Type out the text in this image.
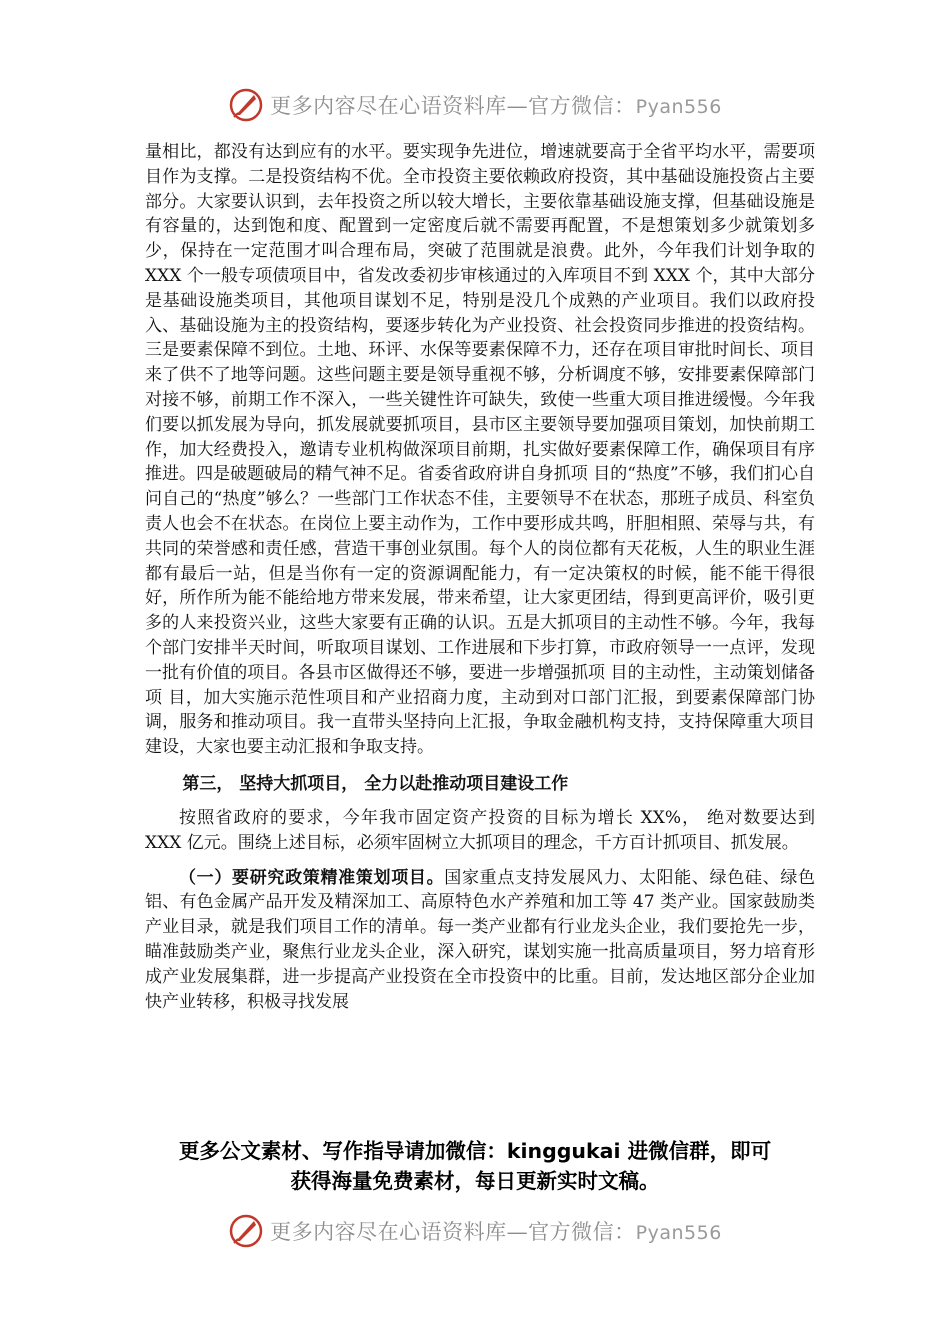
更多内容尽在心语资料库—官方微信：Pyan556

量相比，都没有达到应有的水平。要实现争先进位，增速就要高于全省平均水平，需要项目作为支撑。二是投资结构不优。全市投资主要依赖政府投资，其中基础设施投资占主要部分。大家要认识到，去年投资之所以较大增长，主要依靠基础设施支撑，但基础设施是有容量的，达到饱和度、配置到一定密度后就不需要再配置，不是想策划多少就策划多少，保持在一定范围才叫合理布局，突破了范围就是浪费。此外，今年我们计划争取的 XXX 个一般专项债项目中，省发改委初步审核通过的入库项目不到 XXX 个，其中大部分是基础设施类项目，其他项目谋划不足，特别是没几个成熟的产业项目。我们以政府投入、基础设施为主的投资结构，要逐步转化为产业投资、社会投资同步推进的投资结构。三是要素保障不到位。土地、环评、水保等要素保障不力，还存在项目审批时间长、项目来了供不了地等问题。这些问题主要是领导重视不够，分析调度不够，安排要素保障部门对接不够，前期工作不深入，一些关键性许可缺失，致使一些重大项目推进缓慢。今年我们要以抓发展为导向，抓发展就要抓项目，县市区主要领导要加强项目策划，加快前期工作，加大经费投入，邀请专业机构做深项目前期，扎实做好要素保障工作，确保项目有序推进。四是破题破局的精气神不足。省委省政府讲自身抓项 目的“热度”不够，我们扪心自问自己的“热度”够么？一些部门工作状态不佳，主要领导不在状态，那班子成员、科室负责人也会不在状态。在岗位上要主动作为，工作中要形成共鸣，肝胆相照、荣辱与共，有共同的荣誉感和责任感，营造干事创业氛围。每个人的岗位都有天花板，人生的职业生涯都有最后一站，但是当你有一定的资源调配能力，有一定决策权的时候，能不能干得很好，所作所为能不能给地方带来发展，带来希望，让大家更团结，得到更高评价，吸引更多的人来投资兴业，这些大家要有正确的认识。五是大抓项目的主动性不够。今年，我每个部门安排半天时间，听取项目谋划、工作进展和下步打算，市政府领导一一点评，发现一批有价值的项目。各县市区做得还不够，要进一步增强抓项 目的主动性，主动策划储备项 目，加大实施示范性项目和产业招商力度，主动到对口部门汇报，到要素保障部门协调，服务和推动项目。我一直带头坚持向上汇报，争取金融机构支持，支持保障重大项目建设，大家也要主动汇报和争取支持。

第三， 坚持大抓项目， 全力以赴推动项目建设工作

按照省政府的要求，今年我市固定资产投资的目标为增长 XX%， 绝对数要达到 XXX 亿元。围绕上述目标，必须牢固树立大抓项目的理念，千方百计抓项目、抓发展。

（一）要研究政策精准策划项目。国家重点支持发展风力、太阳能、绿色硅、绿色铝、有色金属产品开发及精深加工、高原特色水产养殖和加工等 47 类产业。国家鼓励类产业目录，就是我们项目工作的清单。每一类产业都有行业龙头企业，我们要抢先一步，瞄准鼓励类产业，聚焦行业龙头企业，深入研究，谋划实施一批高质量项目，努力培育形成产业发展集群，进一步提高产业投资在全市投资中的比重。目前，发达地区部分企业加快产业转移，积极寻找发展

更多公文素材、写作指导请加微信：kinggukai 进微信群，即可
获得海量免费素材，每日更新实时文稿。
更多内容尽在心语资料库—官方微信：Pyan556
